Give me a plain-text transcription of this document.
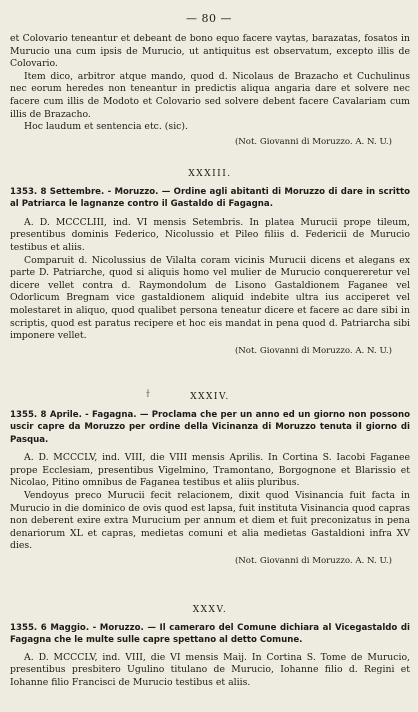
— 80 —

et Colovario teneantur et debeant de bono equo facere vaytas, barazatas, fosatos in Murucio una cum ipsis de Murucio, ut antiquitus est observatum, excepto illis de Colovario.

Item dico, arbitror atque mando, quod d. Nicolaus de Brazacho et Cuchulinus nec eorum heredes non teneantur in predictis aliqua angaria dare et solvere nec facere cum illis de Modoto et Colovario sed solvere debent facere Cavalariam cum illis de Brazacho.

Hoc laudum et sentencia etc. (sic).

(Not. Giovanni di Moruzzo. A. N. U.)

XXXIII.

1353. 8 Settembre. - Moruzzo. — Ordine agli abitanti di Moruzzo di dare in scritto al Patriarca le lagnanze contro il Gastaldo di Fagagna.

A. D. MCCCLIII, ind. VI mensis Setembris. In platea Murucii prope tileum, presentibus dominis Federico, Nicolussio et Pileo filiis d. Federicii de Murucio testibus et aliis.

Comparuit d. Nicolussius de Vilalta coram vicinis Murucii dicens et alegans ex parte D. Patriarche, quod si aliquis homo vel mulier de Murucio conquereretur vel dicere vellet contra d. Raymondolum de Lisono Gastaldionem Faganee vel Odorlicum Bregnam vice gastaldionem aliquid indebite ultra ius acciperet vel molestaret in aliquo, quod qualibet persona teneatur dicere et facere ac dare sibi in scriptis, quod est paratus recipere et hoc eis mandat in pena quod d. Patriarcha sibi imponere vellet.

(Not. Giovanni di Moruzzo. A. N. U.)

ϯ	XXXIV.

1355. 8 Aprile. - Fagagna. — Proclama che per un anno ed un giorno non possono uscir capre da Moruzzo per ordine della Vicinanza di Moruzzo tenuta il giorno di Pasqua.

A. D. MCCCLV, ind. VIII, die VIII mensis Aprilis. In Cortina S. Iacobi Faganee prope Ecclesiam, presentibus Vigelmino, Tramontano, Borgognone et Blarissio et Nicolao, Pitino omnibus de Faganea testibus et aliis pluribus.

Vendoyus preco Murucii fecit relacionem, dixit quod Visinancia fuit facta in Murucio in die dominico de ovis quod est lapsa, fuit instituta Visinancia quod capras non deberent exire extra Murucium per annum et diem et fuit preconizatus in pena denariorum XL et capras, medietas comuni et alia medietas Gastaldioni infra XV dies.

(Not. Giovanni di Moruzzo. A. N. U.)

XXXV.

1355. 6 Maggio. - Moruzzo. — Il cameraro del Comune dichiara al Vicegastaldo di Fagagna che le multe sulle capre spettano al detto Comune.

A. D. MCCCLV, ind. VIII, die VI mensis Maij. In Cortina S. Tome de Murucio, presentibus presbitero Ugulino titulano de Murucio, Iohanne filio d. Regini et Iohanne filio Francisci de Murucio testibus et aliis.
